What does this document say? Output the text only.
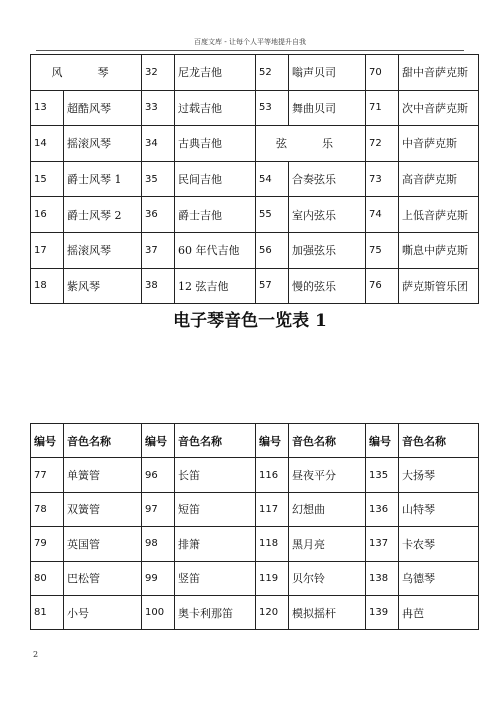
百度文库 - 让每个人平等地提升自我
风　琴		32	尼龙吉他	52	嗡声贝司	70	甜中音萨克斯
13	超酷风琴	33	过载吉他	53	舞曲贝司	71	次中音萨克斯
14	摇滚风琴	34	古典吉他	弦　乐		72	中音萨克斯
15	爵士风琴 1	35	民间吉他	54	合奏弦乐	73	高音萨克斯
16	爵士风琴 2	36	爵士吉他	55	室内弦乐	74	上低音萨克斯
17	摇滚风琴	37	60 年代吉他	56	加强弦乐	75	嘶息中萨克斯
18	紫风琴	38	12 弦吉他	57	慢的弦乐	76	萨克斯管乐团
电子琴音色一览表 1
编号	音色名称	编号	音色名称	编号	音色名称	编号	音色名称
77	单簧管	96	长笛	116	昼夜平分	135	大扬琴
78	双簧管	97	短笛	117	幻想曲	136	山特琴
79	英国管	98	排箫	118	黑月亮	137	卡农琴
80	巴松管	99	竖笛	119	贝尔铃	138	乌德琴
81	小号	100	奥卡利那笛	120	模拟摇杆	139	冉芭
2
